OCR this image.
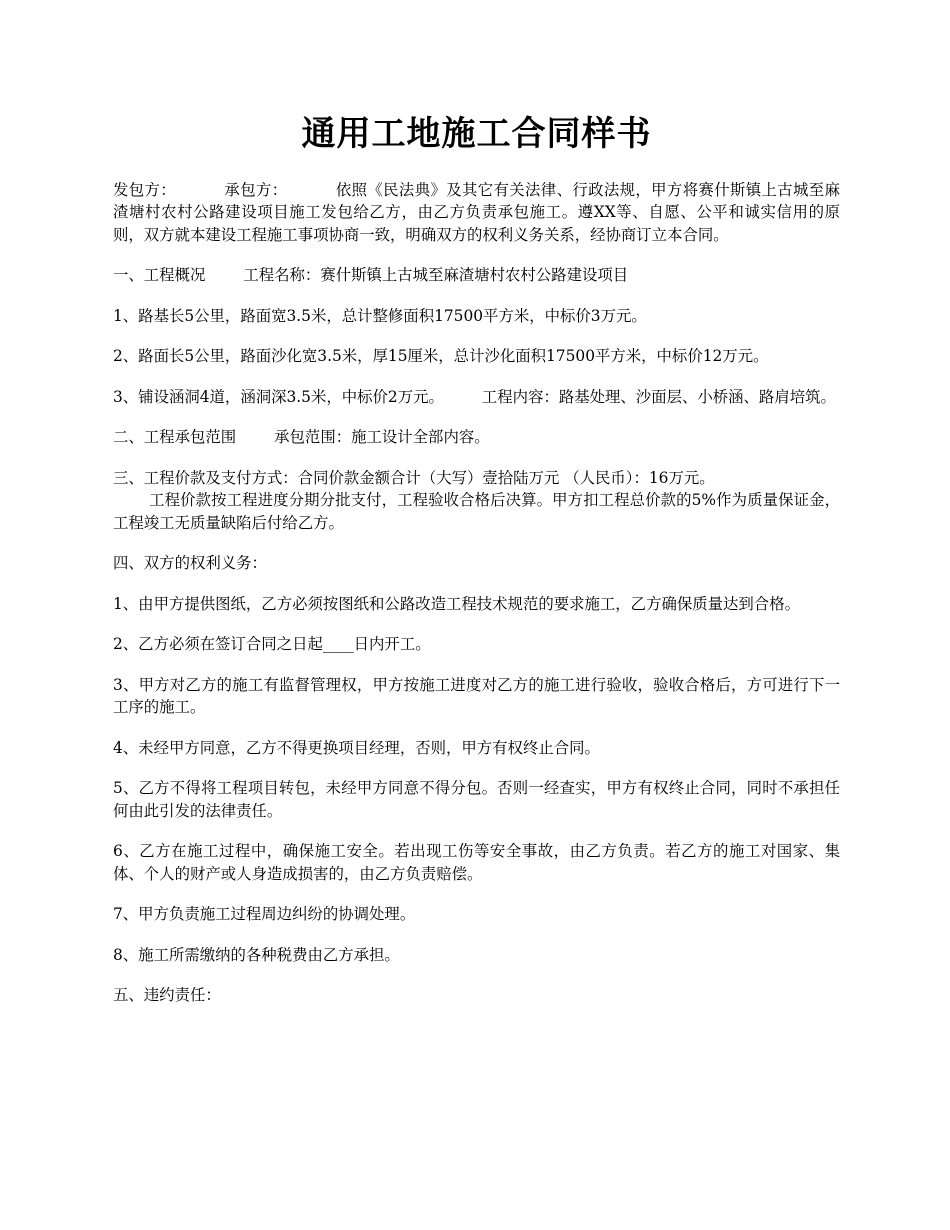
通用工地施工合同样书

发包方：	承包方：	依照《民法典》及其它有关法律、行政法规，甲方将赛什斯镇上古城至麻渣塘村农村公路建设项目施工发包给乙方，由乙方负责承包施工。遵XX等、自愿、公平和诚实信用的原则，双方就本建设工程施工事项协商一致，明确双方的权利义务关系，经协商订立本合同。

一、工程概况 工程名称：赛什斯镇上古城至麻渣塘村农村公路建设项目

1、路基长5公里，路面宽3.5米，总计整修面积17500平方米，中标价3万元。

2、路面长5公里，路面沙化宽3.5米，厚15厘米，总计沙化面积17500平方米，中标价12万元。

3、铺设涵洞4道，涵洞深3.5米，中标价2万元。 工程内容：路基处理、沙面层、小桥涵、路肩培筑。

二、工程承包范围 承包范围：施工设计全部内容。

三、工程价款及支付方式：合同价款金额合计（大写）壹拾陆万元 （人民币）：16万元。
工程价款按工程进度分期分批支付，工程验收合格后决算。甲方扣工程总价款的5%作为质量保证金，工程竣工无质量缺陷后付给乙方。

四、双方的权利义务：

1、由甲方提供图纸，乙方必须按图纸和公路改造工程技术规范的要求施工，乙方确保质量达到合格。

2、乙方必须在签订合同之日起____日内开工。

3、甲方对乙方的施工有监督管理权，甲方按施工进度对乙方的施工进行验收，验收合格后，方可进行下一工序的施工。

4、未经甲方同意，乙方不得更换项目经理，否则，甲方有权终止合同。

5、乙方不得将工程项目转包，未经甲方同意不得分包。否则一经查实，甲方有权终止合同，同时不承担任何由此引发的法律责任。

6、乙方在施工过程中，确保施工安全。若出现工伤等安全事故，由乙方负责。若乙方的施工对国家、集体、个人的财产或人身造成损害的，由乙方负责赔偿。

7、甲方负责施工过程周边纠纷的协调处理。

8、施工所需缴纳的各种税费由乙方承担。

五、违约责任：
